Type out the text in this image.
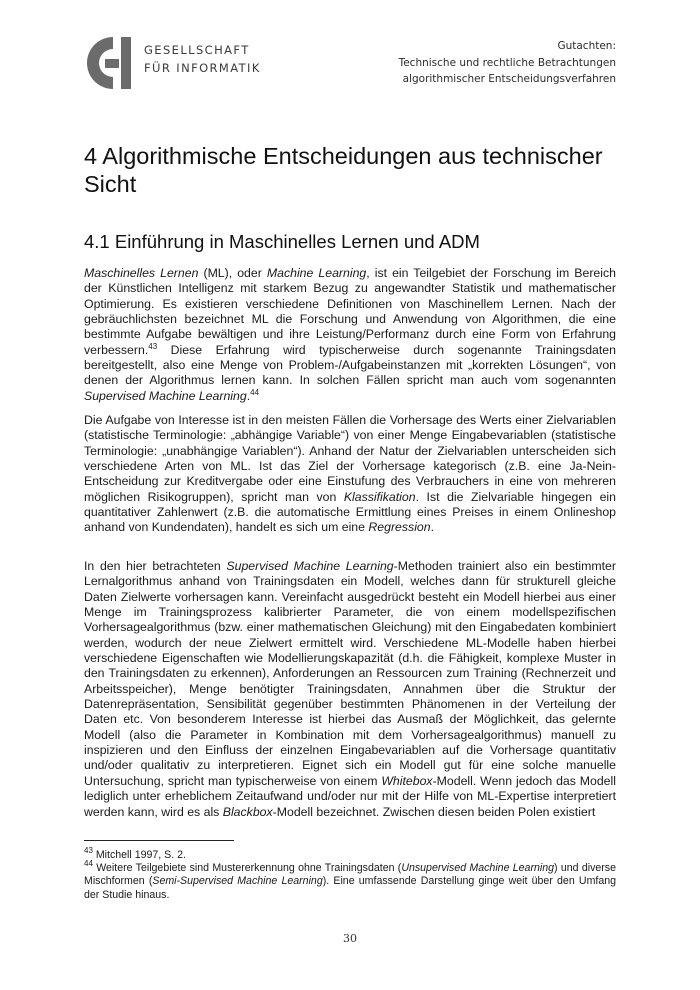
GESELLSCHAFT
FÜR INFORMATIK
Gutachten:
Technische und rechtliche Betrachtungen
algorithmischer Entscheidungsverfahren
4 Algorithmische Entscheidungen aus technischer Sicht
4.1 Einführung in Maschinelles Lernen und ADM

Maschinelles Lernen (ML), oder Machine Learning, ist ein Teilgebiet der Forschung im Bereich der Künstlichen Intelligenz mit starkem Bezug zu angewandter Statistik und mathematischer Optimierung. Es existieren verschiedene Definitionen von Maschinellem Lernen. Nach der gebräuchlichsten bezeichnet ML die Forschung und Anwendung von Algorithmen, die eine bestimmte Aufgabe bewältigen und ihre Leistung/Performanz durch eine Form von Erfahrung verbessern.$^{43}$ Diese Erfahrung wird typischerweise durch sogenannte Trainingsdaten bereitgestellt, also eine Menge von Problem-/Aufgabeinstanzen mit „korrekten Lösungen“, von denen der Algorithmus lernen kann. In solchen Fällen spricht man auch vom sogenannten Supervised Machine Learning.$^{44}$

Die Aufgabe von Interesse ist in den meisten Fällen die Vorhersage des Werts einer Zielvariablen (statistische Terminologie: „abhängige Variable“) von einer Menge Eingabevariablen (statistische Terminologie: „unabhängige Variablen“). Anhand der Natur der Zielvariablen unterscheiden sich verschiedene Arten von ML. Ist das Ziel der Vorhersage kategorisch (z.B. eine Ja-Nein-Entscheidung zur Kreditvergabe oder eine Einstufung des Verbrauchers in eine von mehreren möglichen Risikogruppen), spricht man von Klassifikation. Ist die Zielvariable hingegen ein quantitativer Zahlenwert (z.B. die automatische Ermittlung eines Preises in einem Onlineshop anhand von Kundendaten), handelt es sich um eine Regression.

In den hier betrachteten Supervised Machine Learning-Methoden trainiert also ein bestimmter Lernalgorithmus anhand von Trainingsdaten ein Modell, welches dann für strukturell gleiche Daten Zielwerte vorhersagen kann. Vereinfacht ausgedrückt besteht ein Modell hierbei aus einer Menge im Trainingsprozess kalibrierter Parameter, die von einem modellspezifischen Vorhersagealgorithmus (bzw. einer mathematischen Gleichung) mit den Eingabedaten kombiniert werden, wodurch der neue Zielwert ermittelt wird. Verschiedene ML-Modelle haben hierbei verschiedene Eigenschaften wie Modellierungskapazität (d.h. die Fähigkeit, komplexe Muster in den Trainingsdaten zu erkennen), Anforderungen an Ressourcen zum Training (Rechnerzeit und Arbeitsspeicher), Menge benötigter Trainingsdaten, Annahmen über die Struktur der Datenrepräsentation, Sensibilität gegenüber bestimmten Phänomenen in der Verteilung der Daten etc. Von besonderem Interesse ist hierbei das Ausmaß der Möglichkeit, das gelernte Modell (also die Parameter in Kombination mit dem Vorhersagealgorithmus) manuell zu inspizieren und den Einfluss der einzelnen Eingabevariablen auf die Vorhersage quantitativ und/oder qualitativ zu interpretieren. Eignet sich ein Modell gut für eine solche manuelle Untersuchung, spricht man typischerweise von einem Whitebox-Modell. Wenn jedoch das Modell lediglich unter erheblichem Zeitaufwand und/oder nur mit der Hilfe von ML-Expertise interpretiert werden kann, wird es als Blackbox-Modell bezeichnet. Zwischen diesen beiden Polen existiert

$^{43}$ Mitchell 1997, S. 2.

$^{44}$ Weitere Teilgebiete sind Mustererkennung ohne Trainingsdaten (Unsupervised Machine Learning) und diverse Mischformen (Semi-Supervised Machine Learning). Eine umfassende Darstellung ginge weit über den Umfang der Studie hinaus.

30
